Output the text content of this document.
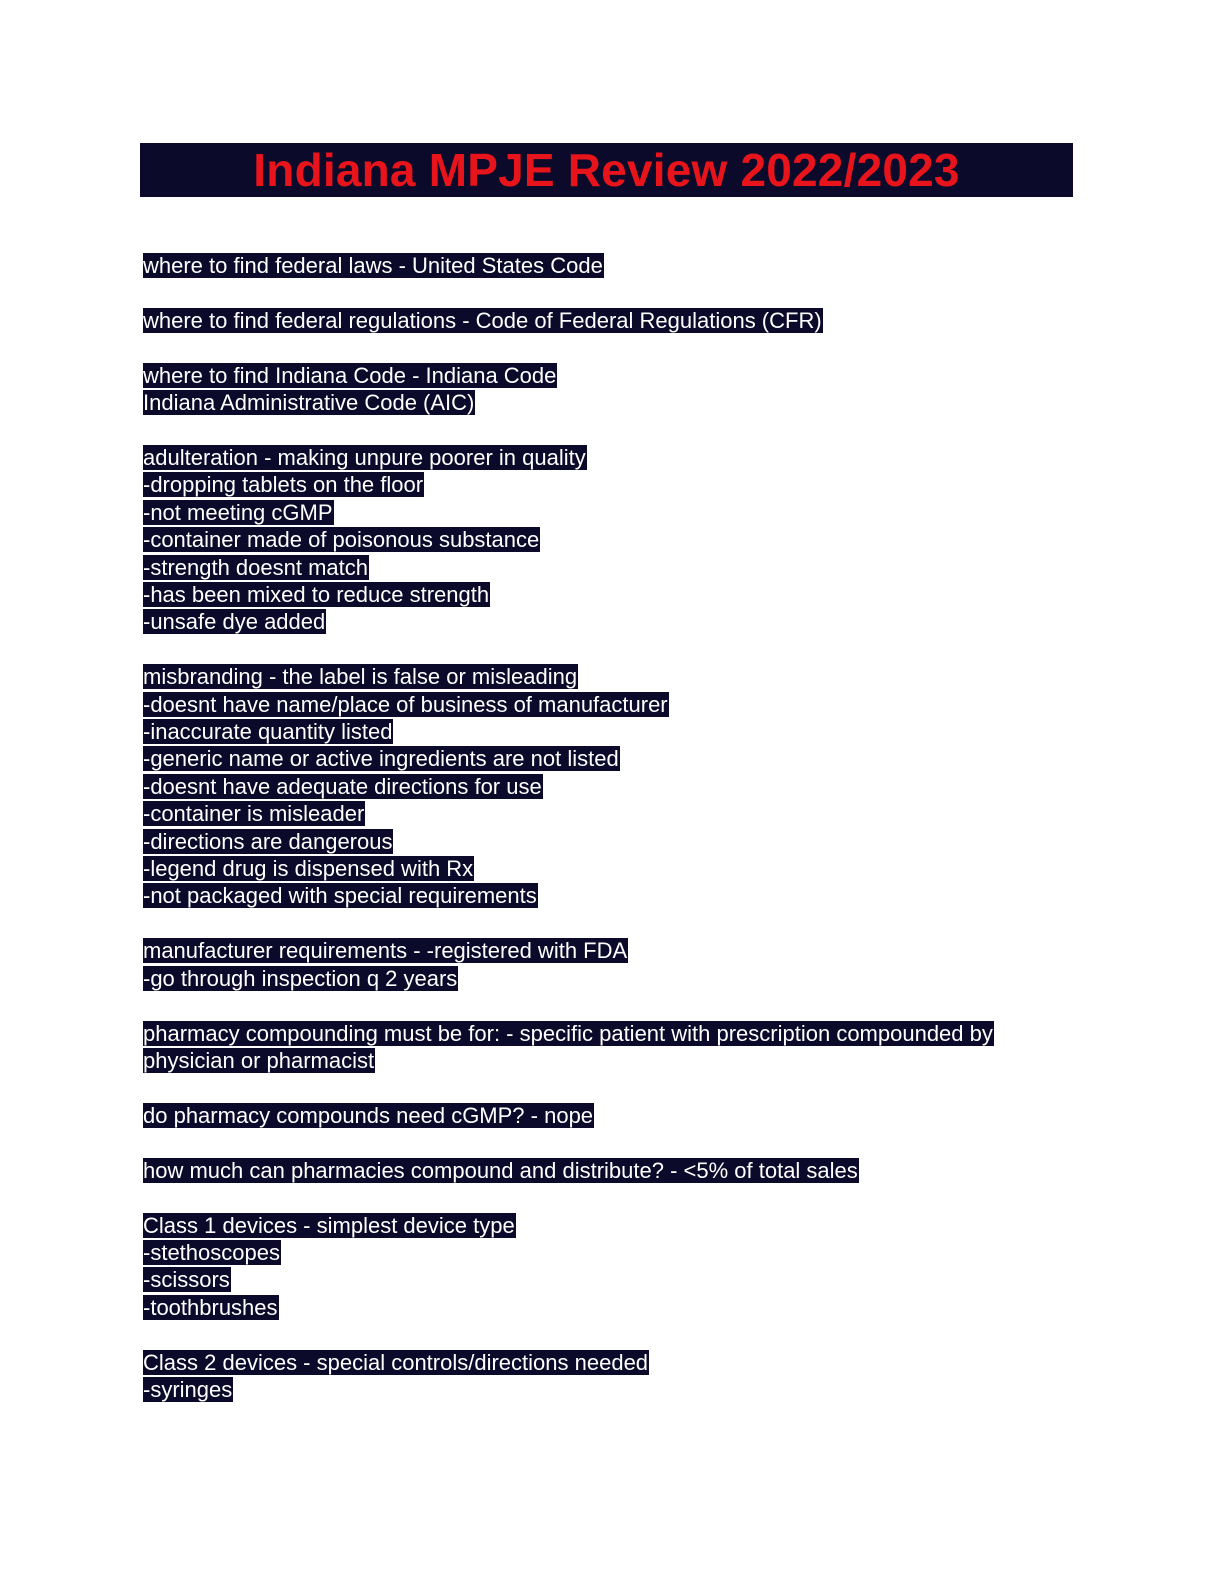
Indiana MPJE Review 2022/2023
where to find federal laws - United States Code
where to find federal regulations - Code of Federal Regulations (CFR)
where to find Indiana Code - Indiana Code
Indiana Administrative Code (AIC)
adulteration - making unpure poorer in quality
-dropping tablets on the floor
-not meeting cGMP
-container made of poisonous substance
-strength doesnt match
-has been mixed to reduce strength
-unsafe dye added
misbranding - the label is false or misleading
-doesnt have name/place of business of manufacturer
-inaccurate quantity listed
-generic name or active ingredients are not listed
-doesnt have adequate directions for use
-container is misleader
-directions are dangerous
-legend drug is dispensed with Rx
-not packaged with special requirements
manufacturer requirements - -registered with FDA
-go through inspection q 2 years
pharmacy compounding must be for: - specific patient with prescription compounded by
physician or pharmacist
do pharmacy compounds need cGMP? - nope
how much can pharmacies compound and distribute? - <5% of total sales
Class 1 devices - simplest device type
-stethoscopes
-scissors
-toothbrushes
Class 2 devices - special controls/directions needed
-syringes
